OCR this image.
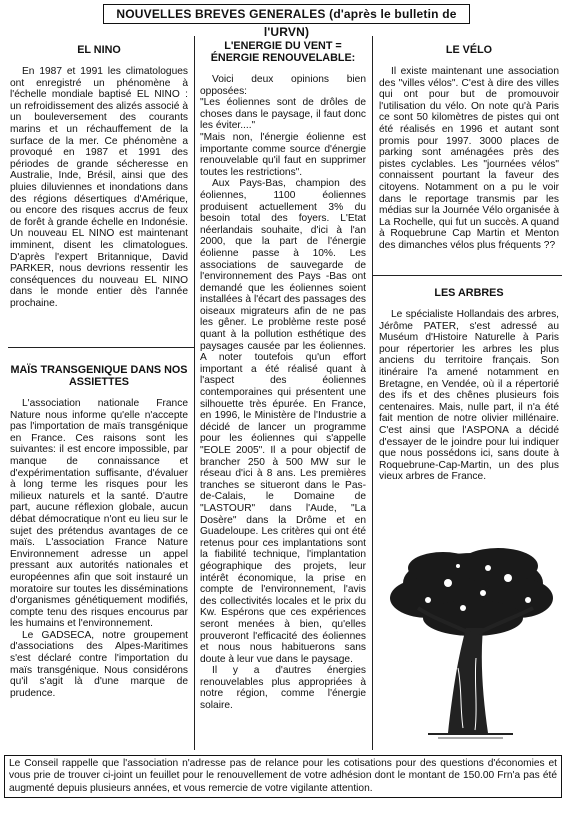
NOUVELLES BREVES GENERALES (d'après le bulletin de l'URVN)
EL NINO

En 1987 et 1991 les climatologues ont enregistré un phénomène à l'échelle mondiale baptisé EL NINO : un refroidissement des alizés associé à un bouleversement des courants marins et un réchauffement de la surface de la mer. Ce phénomène a provoqué en 1987 et 1991 des périodes de grande sécheresse en Australie, Inde, Brésil, ainsi que des pluies diluviennes et inondations dans des régions désertiques d'Amérique, ou encore des risques accrus de feux de forêt à grande échelle en Indonésie. Un nouveau EL NINO est maintenant imminent, disent les climatologues. D'après l'expert Britannique, David PARKER, nous devrions ressentir les conséquences du nouveau EL NINO dans le monde entier dès l'année prochaine.

MAÏS TRANSGENIQUE DANS NOS ASSIETTES

L'association nationale France Nature nous informe qu'elle n'accepte pas l'importation de maïs transgénique en France. Ces raisons sont les suivantes: il est encore impossible, par manque de connaissance et d'expérimentation suffisante, d'évaluer à long terme les risques pour les milieux naturels et la santé. D'autre part, aucune réflexion globale, aucun débat démocratique n'ont eu lieu sur le sujet des prétendus avantages de ce maïs. L'association France Nature Environnement adresse un appel pressant aux autorités nationales et européennes afin que soit instauré un moratoire sur toutes les disséminations d'organismes génétiquement modifiés, compte tenu des risques encourus par les humains et l'environnement.

Le GADSECA, notre groupement d'associations des Alpes-Maritimes s'est déclaré contre l'importation du maïs transgénique. Nous considérons qu'il s'agit là d'une marque de prudence.

L'ENERGIE DU VENT = ÉNERGIE RENOUVELABLE:

Voici deux opinions bien opposées:

"Les éoliennes sont de drôles de choses dans le paysage, il faut donc les éviter...."

"Mais non, l'énergie éolienne est importante comme source d'énergie renouvelable qu'il faut en supprimer toutes les restrictions".

Aux Pays-Bas, champion des éoliennes, 1100 éoliennes produisent actuellement 3% du besoin total des foyers. L'Etat néerlandais souhaite, d'ici à l'an 2000, que la part de l'énergie éolienne passe à 10%. Les associations de sauvegarde de l'environnement des Pays -Bas ont demandé que les éoliennes soient installées à l'écart des passages des oiseaux migrateurs afin de ne pas les gêner. Le problème reste posé quant à la pollution esthétique des paysages causée par les éoliennes. A noter toutefois qu'un effort important a été réalisé quant à l'aspect des éoliennes contemporaines qui présentent une silhouette très épurée. En France, en 1996, le Ministère de l'Industrie a décidé de lancer un programme pour les éoliennes qui s'appelle "EOLE 2005". Il a pour objectif de brancher 250 à 500 MW sur le réseau d'ici à 8 ans. Les premières tranches se situeront dans le Pas-de-Calais, le Domaine de "LASTOUR" dans l'Aude, "La Dosère" dans la Drôme et en Guadeloupe. Les critères qui ont été retenus pour ces implantations sont la fiabilité technique, l'implantation géographique des projets, leur intérêt économique, la prise en compte de l'environnement, l'avis des collectivités locales et le prix du Kw. Espérons que ces expériences seront menées à bien, qu'elles prouveront l'efficacité des éoliennes et nous nous habituerons sans doute à leur vue dans le paysage.

Il y a d'autres énergies renouvelables plus appropriées à notre région, comme l'énergie solaire.

LE VÉLO

Il existe maintenant une association des "villes vélos". C'est à dire des villes qui ont pour but de promouvoir l'utilisation du vélo. On note qu'à Paris ce sont 50 kilomètres de pistes qui ont été réalisés en 1996 et autant sont promis pour 1997. 3000 places de parking sont aménagées près des pistes cyclables. Les "journées vélos" connaissent pourtant la faveur des citoyens. Notamment on a pu le voir dans le reportage transmis par les médias sur la Journée Vélo organisée à La Rochelle, qui fut un succès. A quand à Roquebrune Cap Martin et Menton des dimanches vélos plus fréquents ??

LES ARBRES

Le spécialiste Hollandais des arbres, Jérôme PATER, s'est adressé au Muséum d'Histoire Naturelle à Paris pour répertorier les arbres les plus anciens du territoire français. Son itinéraire l'a amené notamment en Bretagne, en Vendée, où il a répertorié des ifs et des chênes plusieurs fois centenaires. Mais, nulle part, il n'a été fait mention de notre olivier millénaire. C'est ainsi que l'ASPONA a décidé d'essayer de le joindre pour lui indiquer que nous possédons ici, sans doute à Roquebrune-Cap-Martin, un des plus vieux arbres de France.

Le Conseil rappelle que l'association n'adresse pas de relance pour les cotisations pour des questions d'économies et vous prie de trouver ci-joint un feuillet pour le renouvellement de votre adhésion dont le montant de 150.00 Frn'a pas été augmenté depuis plusieurs années, et vous remercie de votre vigilante attention.
